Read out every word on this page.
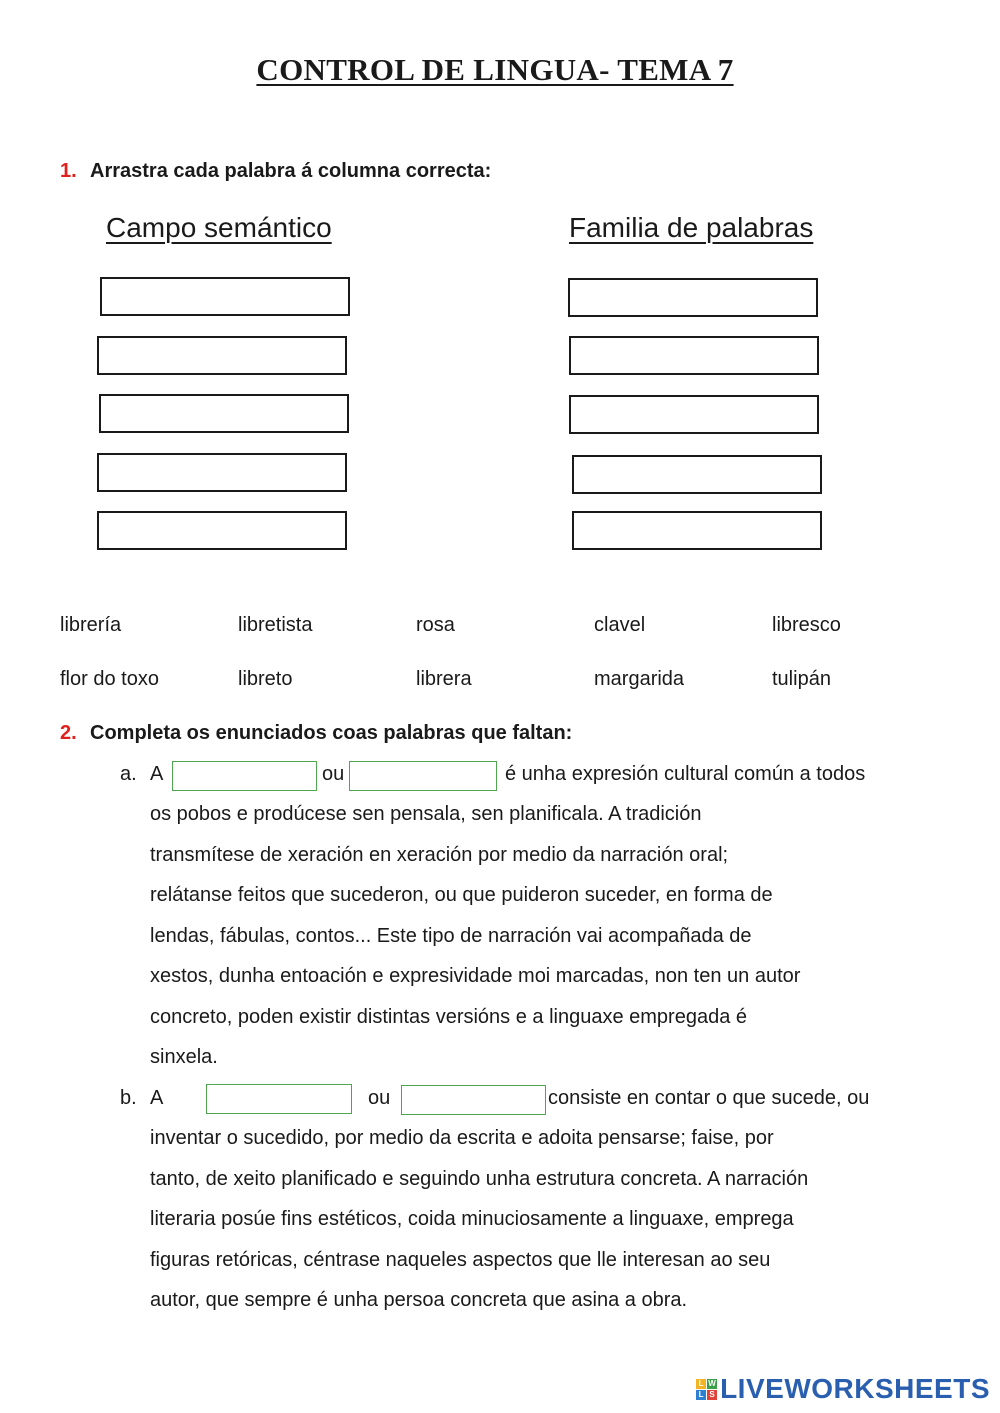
CONTROL DE LINGUA- TEMA 7
1. Arrastra cada palabra á columna correcta:
Campo semántico	Familia de palabras
librería	libretista	rosa	clavel	libresco
flor do toxo	libreto	librera	margarida	tulipán
2. Completa os enunciados coas palabras que faltan:
a. A	ou	é unha expresión cultural común a todos
os pobos e prodúcese sen pensala, sen planificala. A tradición
transmítese de xeración en xeración por medio da narración oral;
relátanse feitos que sucederon, ou que puideron suceder, en forma de
lendas, fábulas, contos... Este tipo de narración vai acompañada de
xestos, dunha entoación e expresividade moi marcadas, non ten un autor
concreto, poden existir distintas versións e a linguaxe empregada é
sinxela.
b. A	ou	consiste en contar o que sucede, ou
inventar o sucedido, por medio da escrita e adoita pensarse; faise, por
tanto, de xeito planificado e seguindo unha estrutura concreta. A narración
literaria posúe fins estéticos, coida minuciosamente a linguaxe, emprega
figuras retóricas, céntrase naqueles aspectos que lle interesan ao seu
autor, que sempre é unha persoa concreta que asina a obra.
L W
L S LIVEWORKSHEETS
